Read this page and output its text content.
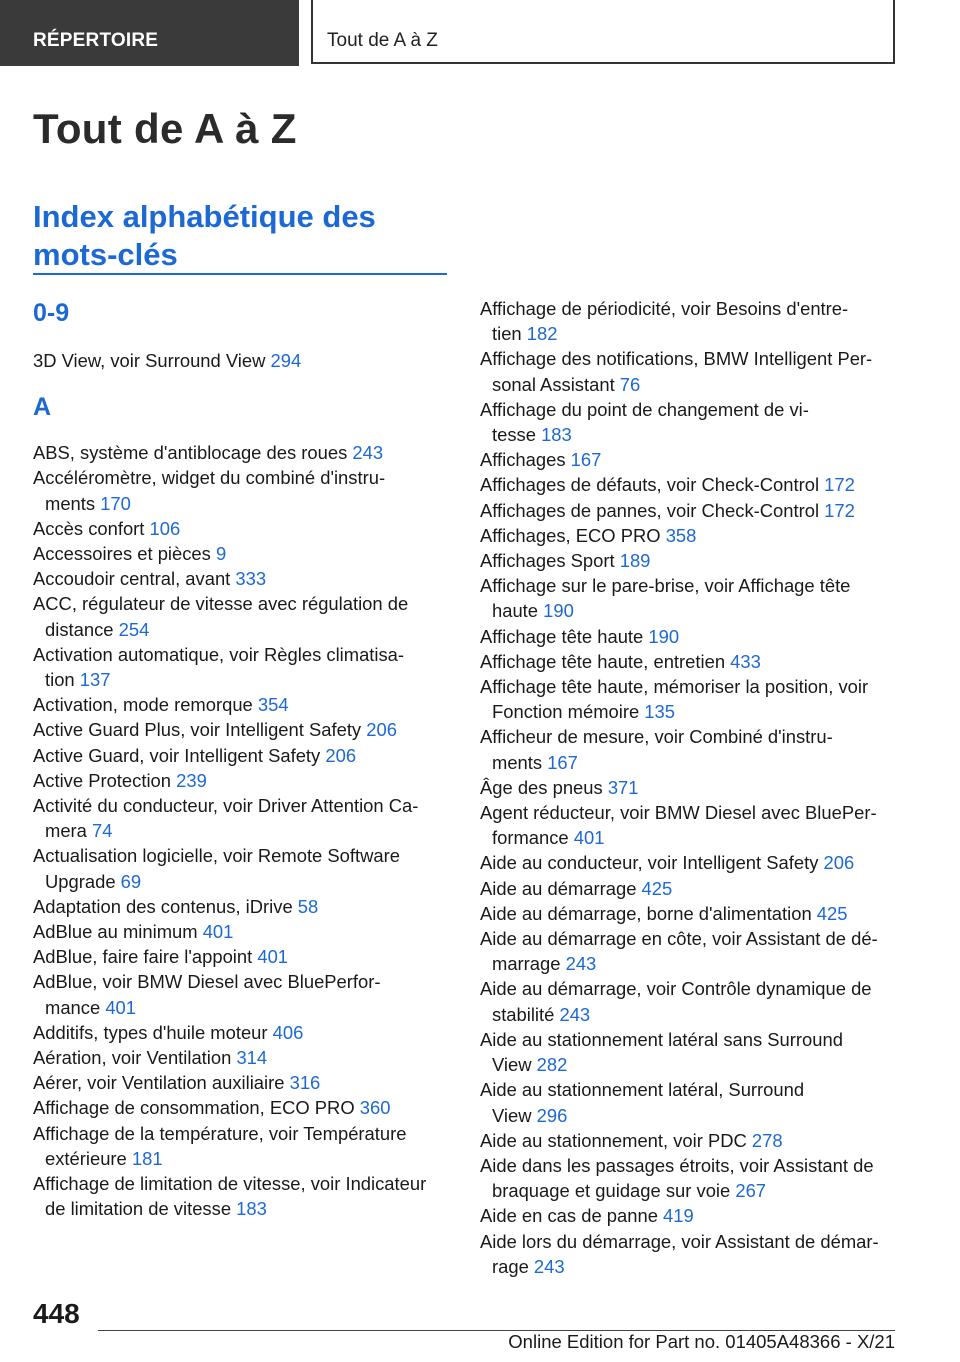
RÉPERTOIRE	Tout de A à Z
Tout de A à Z
Index alphabétique des mots-clés
0-9
3D View, voir Surround View 294
A
ABS, système d'antiblocage des roues 243
Accéléromètre, widget du combiné d'instru-
ments 170
Accès confort 106
Accessoires et pièces 9
Accoudoir central, avant 333
ACC, régulateur de vitesse avec régulation de
distance 254
Activation automatique, voir Règles climatisa-
tion 137
Activation, mode remorque 354
Active Guard Plus, voir Intelligent Safety 206
Active Guard, voir Intelligent Safety 206
Active Protection 239
Activité du conducteur, voir Driver Attention Ca-
mera 74
Actualisation logicielle, voir Remote Software
Upgrade 69
Adaptation des contenus, iDrive 58
AdBlue au minimum 401
AdBlue, faire faire l'appoint 401
AdBlue, voir BMW Diesel avec BluePerfor-
mance 401
Additifs, types d'huile moteur 406
Aération, voir Ventilation 314
Aérer, voir Ventilation auxiliaire 316
Affichage de consommation, ECO PRO 360
Affichage de la température, voir Température
extérieure 181
Affichage de limitation de vitesse, voir Indicateur
de limitation de vitesse 183
Affichage de périodicité, voir Besoins d'entre-
tien 182
Affichage des notifications, BMW Intelligent Per-
sonal Assistant 76
Affichage du point de changement de vi-
tesse 183
Affichages 167
Affichages de défauts, voir Check-Control 172
Affichages de pannes, voir Check-Control 172
Affichages, ECO PRO 358
Affichages Sport 189
Affichage sur le pare-brise, voir Affichage tête
haute 190
Affichage tête haute 190
Affichage tête haute, entretien 433
Affichage tête haute, mémoriser la position, voir
Fonction mémoire 135
Afficheur de mesure, voir Combiné d'instru-
ments 167
Âge des pneus 371
Agent réducteur, voir BMW Diesel avec BluePer-
formance 401
Aide au conducteur, voir Intelligent Safety 206
Aide au démarrage 425
Aide au démarrage, borne d'alimentation 425
Aide au démarrage en côte, voir Assistant de dé-
marrage 243
Aide au démarrage, voir Contrôle dynamique de
stabilité 243
Aide au stationnement latéral sans Surround
View 282
Aide au stationnement latéral, Surround
View 296
Aide au stationnement, voir PDC 278
Aide dans les passages étroits, voir Assistant de
braquage et guidage sur voie 267
Aide en cas de panne 419
Aide lors du démarrage, voir Assistant de démar-
rage 243
448
Online Edition for Part no. 01405A48366 - X/21
